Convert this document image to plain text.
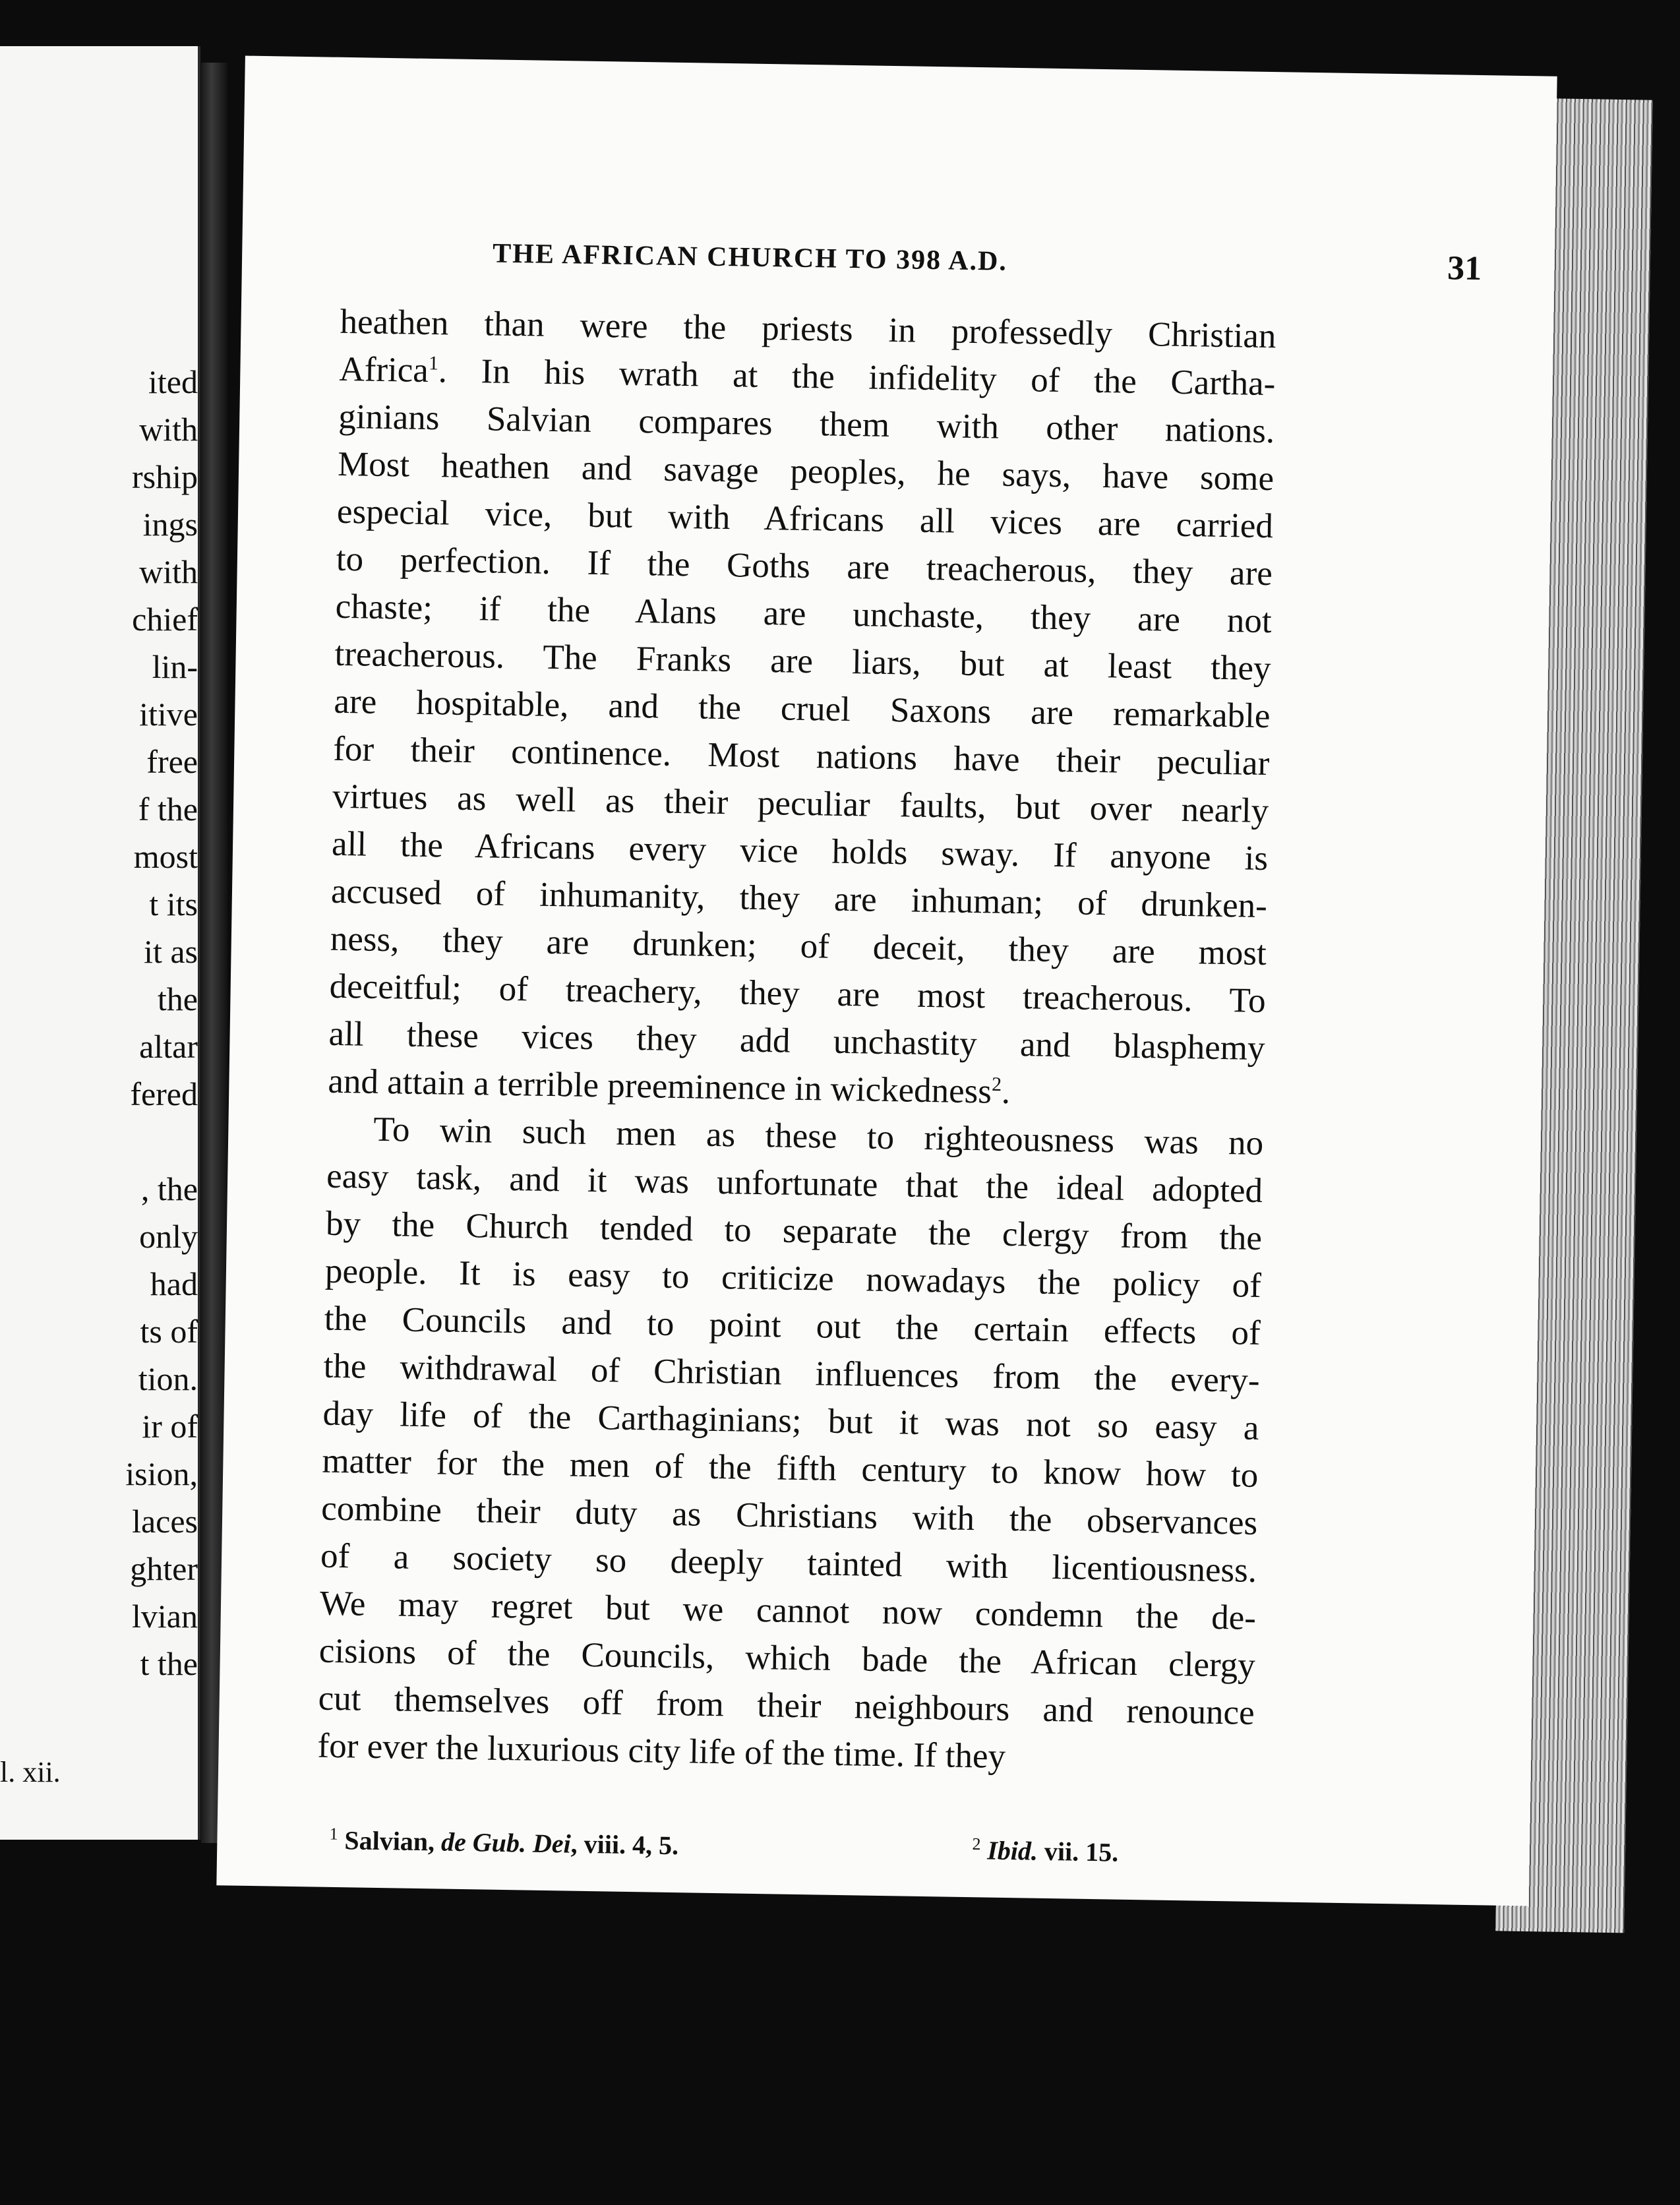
ited
with
rship
ings
with
chief
lin-
itive
free
f the
most
t its
it as
the
altar
fered
, the
only
had
ts of
tion.
ir of
ision,
laces
ghter
lvian
t the
l. xii.
THE AFRICAN CHURCH TO 398 A.D.	31
heathen than were the priests in professedly Christian
Africa$^1$. In his wrath at the infidelity of the Cartha-
ginians Salvian compares them with other nations.
Most heathen and savage peoples, he says, have some
especial vice, but with Africans all vices are carried
to perfection. If the Goths are treacherous, they are
chaste; if the Alans are unchaste, they are not
treacherous. The Franks are liars, but at least they
are hospitable, and the cruel Saxons are remarkable
for their continence. Most nations have their peculiar
virtues as well as their peculiar faults, but over nearly
all the Africans every vice holds sway. If anyone is
accused of inhumanity, they are inhuman; of drunken-
ness, they are drunken; of deceit, they are most
deceitful; of treachery, they are most treacherous. To
all these vices they add unchastity and blasphemy
and attain a terrible preeminence in wickedness$^2$.
To win such men as these to righteousness was no
easy task, and it was unfortunate that the ideal adopted
by the Church tended to separate the clergy from the
people. It is easy to criticize nowadays the policy of
the Councils and to point out the certain effects of
the withdrawal of Christian influences from the every-
day life of the Carthaginians; but it was not so easy a
matter for the men of the fifth century to know how to
combine their duty as Christians with the observances
of a society so deeply tainted with licentiousness.
We may regret but we cannot now condemn the de-
cisions of the Councils, which bade the African clergy
cut themselves off from their neighbours and renounce
for ever the luxurious city life of the time. If they
$^1$ Salvian, de Gub. Dei, viii. 4, 5.	$^2$ Ibid. vii. 15.
